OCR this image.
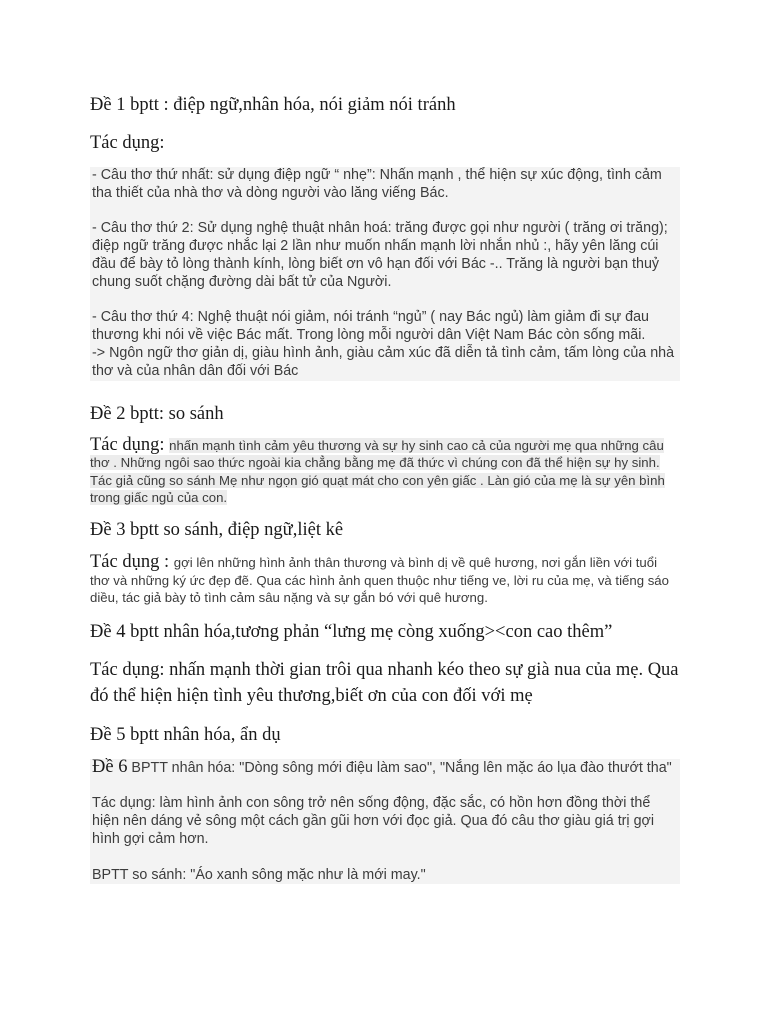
Đề 1 bptt : điệp ngữ,nhân hóa, nói giảm nói tránh

Tác dụng:

- Câu thơ thứ nhất: sử dụng điệp ngữ “ nhẹ”: Nhấn mạnh , thể hiện sự xúc động, tình cảm tha thiết của nhà thơ và dòng người vào lăng viếng Bác.

- Câu thơ thứ 2: Sử dụng nghệ thuật nhân hoá: trăng được gọi như người ( trăng ơi trăng); điệp ngữ trăng được nhắc lại 2 lần như muốn nhấn mạnh lời nhắn nhủ :, hãy yên lăng cúi đầu để bày tỏ lòng thành kính, lòng biết ơn vô hạn đối với Bác -.. Trăng là người bạn thuỷ chung suốt chặng đường dài bất tử của Người.

- Câu thơ thứ 4: Nghệ thuật nói giảm, nói tránh “ngủ” ( nay Bác ngủ) làm giảm đi sự đau thương khi nói về việc Bác mất. Trong lòng mỗi người dân Việt Nam Bác còn sống mãi.

-> Ngôn ngữ thơ giản dị, giàu hình ảnh, giàu cảm xúc đã diễn tả tình cảm, tấm lòng của nhà thơ và của nhân dân đối với Bác

Đề 2 bptt: so sánh

Tác dụng: nhấn mạnh tình cảm yêu thương và sự hy sinh cao cả của người mẹ qua những câu thơ . Những ngôi sao thức ngoài kia chẳng bằng mẹ đã thức vì chúng con đã thể hiện sự hy sinh. Tác giả cũng so sánh Mẹ như ngọn gió quạt mát cho con yên giấc . Làn gió của mẹ là sự yên bình trong giấc ngủ của con.

Đề 3 bptt so sánh, điệp ngữ,liệt kê

Tác dụng : gợi lên những hình ảnh thân thương và bình dị về quê hương, nơi gắn liền với tuổi thơ và những ký ức đẹp đẽ. Qua các hình ảnh quen thuộc như tiếng ve, lời ru của mẹ, và tiếng sáo diều, tác giả bày tỏ tình cảm sâu nặng và sự gắn bó với quê hương.

Đề 4 bptt nhân hóa,tương phản “lưng mẹ còng xuống><con cao thêm”

Tác dụng: nhấn mạnh thời gian trôi qua nhanh kéo theo sự già nua của mẹ. Qua đó thể hiện hiện tình yêu thương,biết ơn của con đối với mẹ

Đề 5 bptt nhân hóa, ẩn dụ

Đề 6 BPTT nhân hóa: "Dòng sông mới điệu làm sao", "Nắng lên mặc áo lụa đào thướt tha"

Tác dụng: làm hình ảnh con sông trở nên sống động, đặc sắc, có hồn hơn đồng thời thể hiện nên dáng vẻ sông một cách gần gũi hơn với đọc giả. Qua đó câu thơ giàu giá trị gợi hình gợi cảm hơn.

BPTT so sánh: "Áo xanh sông mặc như là mới may."
